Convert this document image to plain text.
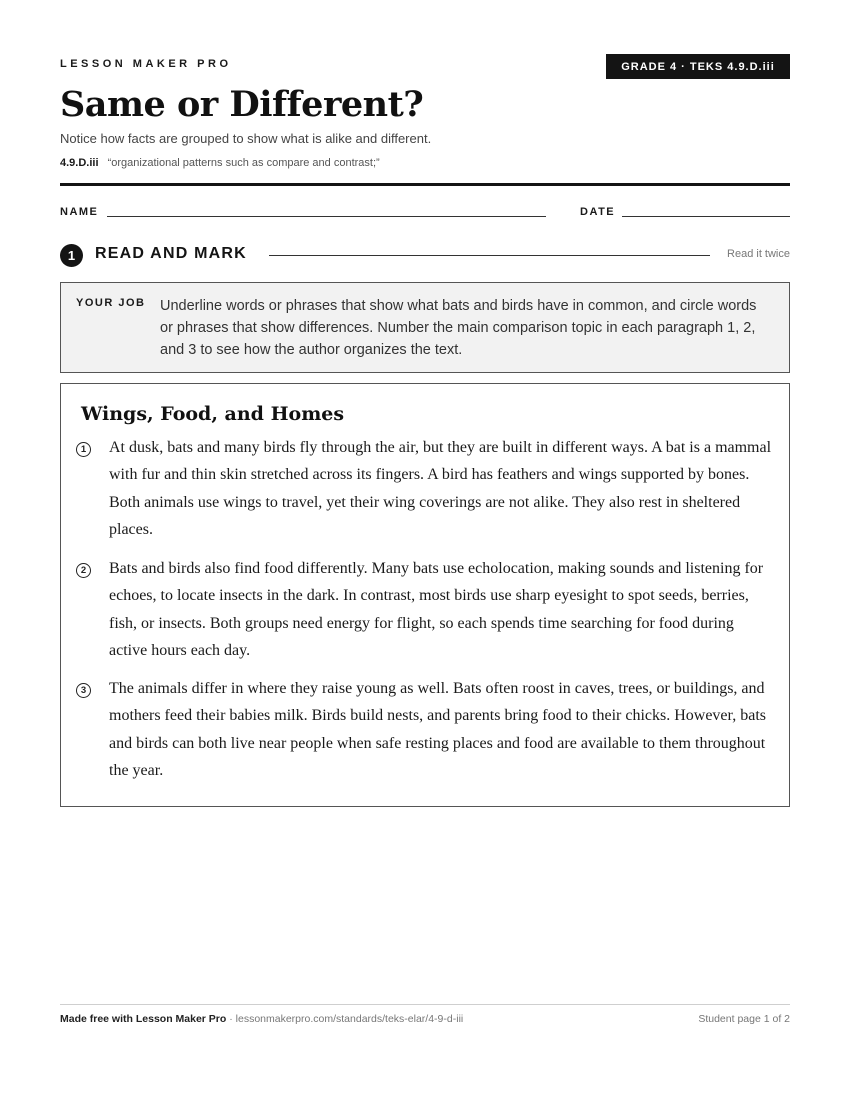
LESSON MAKER PRO	GRADE 4 · TEKS 4.9.D.iii
Same or Different?
Notice how facts are grouped to show what is alike and different.
4.9.D.iii “organizational patterns such as compare and contrast;”
NAME	DATE
1	READ AND MARK	Read it twice
YOUR JOB Underline words or phrases that show what bats and birds have in common, and circle words or phrases that show differences. Number the main comparison topic in each paragraph 1, 2, and 3 to see how the author organizes the text.

Wings, Food, and Homes
1	At dusk, bats and many birds fly through the air, but they are built in different ways. A bat is a mammal with fur and thin skin stretched across its fingers. A bird has feathers and wings supported by bones. Both animals use wings to travel, yet their wing coverings are not alike. They also rest in sheltered places.

2	Bats and birds also find food differently. Many bats use echolocation, making sounds and listening for echoes, to locate insects in the dark. In contrast, most birds use sharp eyesight to spot seeds, berries, fish, or insects. Both groups need energy for flight, so each spends time searching for food during active hours each day.

3	The animals differ in where they raise young as well. Bats often roost in caves, trees, or buildings, and mothers feed their babies milk. Birds build nests, and parents bring food to their chicks. However, bats and birds can both live near people when safe resting places and food are available to them throughout the year.

Made free with Lesson Maker Pro · lessonmakerpro.com/standards/teks-elar/4-9-d-iii	Student page 1 of 2
